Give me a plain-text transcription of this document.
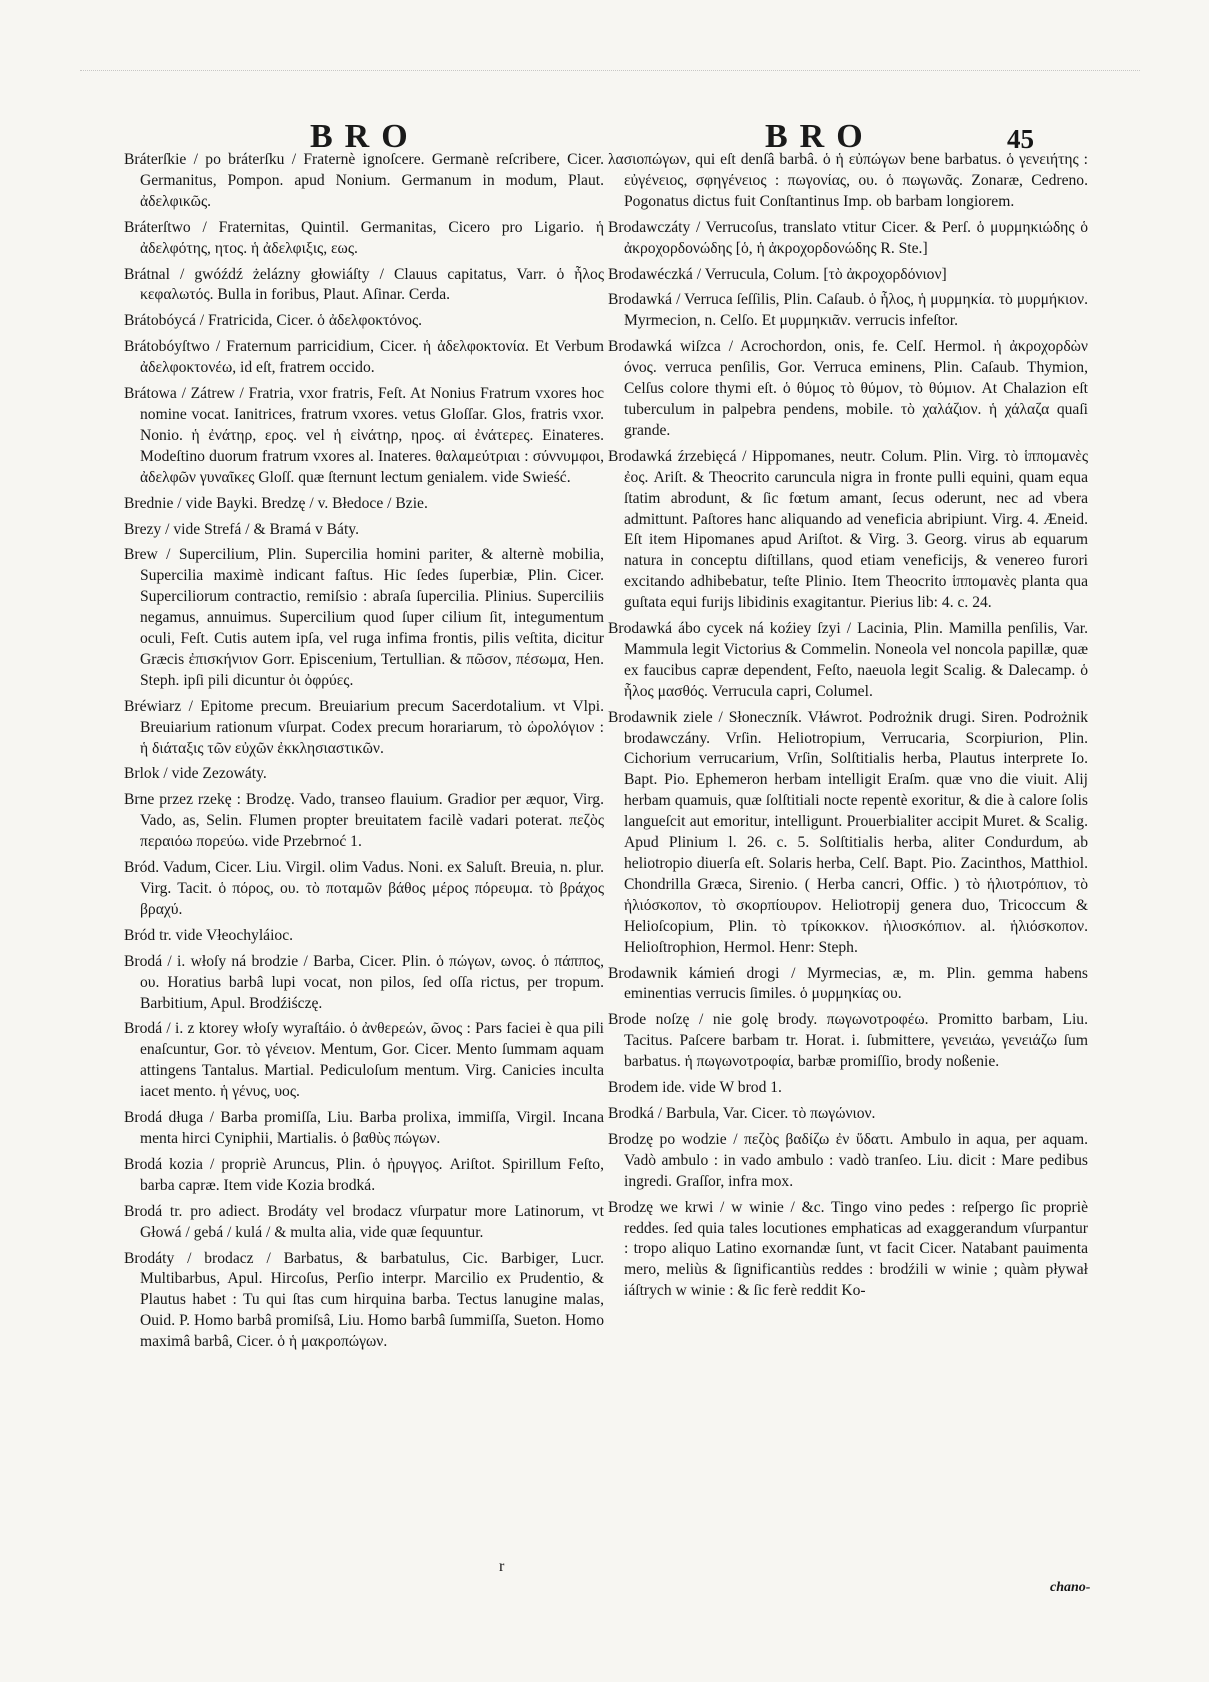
BRO	BRO	45

Bráterſkie / po bráterſku / Fraternè ignoſcere. Germanè reſcribere, Cicer. Germanitus, Pompon. apud Nonium. Germanum in modum, Plaut. ἀδελφικῶς.

Bráterſtwo / Fraternitas, Quintil. Germanitas, Cicero pro Ligario. ἡ ἀδελφότης, ητος. ἡ ἀδελφιξις, εως.

Brátnal / gwóźdź żelázny głowiáſty / Clauus capitatus, Varr. ὁ ἧλος κεφαλωτός. Bulla in foribus, Plaut. Aſinar. Cerda.

Brátobóycá / Fratricida, Cicer. ὁ ἀδελφοκτόνος.

Brátobóyſtwo / Fraternum parricidium, Cicer. ἡ ἀδελφοκτονία. Et Verbum ἀδελφοκτονέω, id eſt, fratrem occido.

Brátowa / Zátrew / Fratria, vxor fratris, Feſt. At Nonius Fratrum vxores hoc nomine vocat. Ianitrices, fratrum vxores. vetus Gloſſar. Glos, fratris vxor. Nonio. ἡ ἐνάτηρ, ερος. vel ἡ εἰνάτηρ, ηρος. αἱ ἐνάτερες. Einateres. Modeſtino duorum fratrum vxores al. Inateres. θαλαμεύτριαι : σύννυμφοι, ἀδελφῶν γυναῖκες Gloſſ. quæ ſternunt lectum genialem. vide Swieść.

Brednie / vide Bayki. Bredzę / v. Błedoce / Bzie.

Brezy / vide Strefá / & Bramá v Báty.

Brew / Supercilium, Plin. Supercilia homini pariter, & alternè mobilia, Supercilia maximè indicant faſtus. Hic ſedes ſuperbiæ, Plin. Cicer. Superciliorum contractio, remiſsio : abraſa ſupercilia. Plinius. Superciliis negamus, annuimus. Supercilium quod ſuper cilium ſit, integumentum oculi, Feſt. Cutis autem ipſa, vel ruga infima frontis, pilis veſtita, dicitur Græcis ἐπισκήνιον Gorr. Episcenium, Tertullian. & πῶσον, πέσωμα, Hen. Steph. ipſi pili dicuntur ὀι ὀφρύες.

Bréwiarz / Epitome precum. Breuiarium precum Sacerdotalium. vt Vlpi. Breuiarium rationum vſurpat. Codex precum horariarum, τὸ ὡρολόγιον : ἡ διάταξις τῶν εὐχῶν ἐκκλησιαστικῶν.

Brlok / vide Zezowáty.

Brne przez rzekę : Brodzę. Vado, transeo flauium. Gradior per æquor, Virg. Vado, as, Selin. Flumen propter breuitatem facilè vadari poterat. πεζὸς περαιόω πορεύω. vide Przebrnoć 1.

Bród. Vadum, Cicer. Liu. Virgil. olim Vadus. Noni. ex Saluſt. Breuia, n. plur. Virg. Tacit. ὁ πόρος, ου. τὸ ποταμῶν βάθος μέρος πόρευμα. τὸ βράχος βραχύ.

Bród tr. vide Vłeochyláioc.

Brodá / i. włoſy ná brodzie / Barba, Cicer. Plin. ὁ πώγων, ωνος. ὁ πάππος, ου. Horatius barbâ lupi vocat, non pilos, ſed oſſa rictus, per tropum. Barbitium, Apul. Brodźiśczę.

Brodá / i. z ktorey włoſy wyraſtáio. ὁ ἀνθερεών, ῶνος : Pars faciei è qua pili enaſcuntur, Gor. τὸ γένειον. Mentum, Gor. Cicer. Mento ſummam aquam attingens Tantalus. Martial. Pediculoſum mentum. Virg. Canicies inculta iacet mento. ἡ γένυς, υος.

Brodá długa / Barba promiſſa, Liu. Barba prolixa, immiſſa, Virgil. Incana menta hirci Cyniphii, Martialis. ὁ βαθὺς πώγων.

Brodá kozia / propriè Aruncus, Plin. ὁ ἠρυγγος. Ariſtot. Spirillum Feſto, barba capræ. Item vide Kozia brodká.

Brodá tr. pro adiect. Brodáty vel brodacz vſurpatur more Latinorum, vt Głowá / gebá / kulá / & multa alia, vide quæ ſequuntur.

Brodáty / brodacz / Barbatus, & barbatulus, Cic. Barbiger, Lucr. Multibarbus, Apul. Hircoſus, Perſio interpr. Marcilio ex Prudentio, & Plautus habet : Tu qui ſtas cum hirquina barba. Tectus lanugine malas, Ouid. P. Homo barbâ promiſsâ, Liu. Homo barbâ ſummiſſa, Sueton. Homo maximâ barbâ, Cicer. ὁ ἡ μακροπώγων.

λασιοπώγων, qui eſt denſâ barbâ. ὁ ἡ εὐπώγων bene barbatus. ὁ γενειήτης : εὐγένειος, σφηγένειος : πωγονίας, ου. ὁ πωγωνᾶς. Zonaræ, Cedreno. Pogonatus dictus fuit Conſtantinus Imp. ob barbam longiorem.

Brodawczáty / Verrucoſus, translato vtitur Cicer. & Perſ. ὁ μυρμηκιώδης ὁ ἀκροχορδονώδης [ὁ, ἡ ἀκροχορδονώδης R. Ste.]

Brodawéczká / Verrucula, Colum. [τὸ ἀκροχορδόνιον]

Brodawká / Verruca ſeſſilis, Plin. Caſaub. ὁ ἧλος, ἡ μυρμηκία. τὸ μυρμήκιον. Myrmecion, n. Celſo. Et μυρμηκιᾶν. verrucis infeſtor.

Brodawká wiſzca / Acrochordon, onis, fe. Celſ. Hermol. ἡ ἀκροχορδὼν όνος. verruca penſilis, Gor. Verruca eminens, Plin. Caſaub. Thymion, Celſus colore thymi eſt. ὁ θύμος τὸ θύμον, τὸ θύμιον. At Chalazion eſt tuberculum in palpebra pendens, mobile. τὸ χαλάζιον. ἡ χάλαζα quaſi grande.

Brodawká źrzebięcá / Hippomanes, neutr. Colum. Plin. Virg. τὸ ἱππομανὲς ἐος. Ariſt. & Theocrito caruncula nigra in fronte pulli equini, quam equa ſtatim abrodunt, & ſic fœtum amant, ſecus oderunt, nec ad vbera admittunt. Paſtores hanc aliquando ad veneficia abripiunt. Virg. 4. Æneid. Eſt item Hipomanes apud Ariſtot. & Virg. 3. Georg. virus ab equarum natura in conceptu diſtillans, quod etiam veneficijs, & venereo furori excitando adhibebatur, teſte Plinio. Item Theocrito ἱππομανὲς planta qua guſtata equi furijs libidinis exagitantur. Pierius lib: 4. c. 24.

Brodawká ábo cycek ná koźiey ſzyi / Lacinia, Plin. Mamilla penſilis, Var. Mammula legit Victorius & Commelin. Noneola vel noncola papillæ, quæ ex faucibus capræ dependent, Feſto, naeuola legit Scalig. & Dalecamp. ὁ ἧλος μασθός. Verrucula capri, Columel.

Brodawnik ziele / Słoneczník. Vłáwrot. Podrożnik drugi. Siren. Podrożnik brodawczány. Vrſin. Heliotropium, Verrucaria, Scorpiurion, Plin. Cichorium verrucarium, Vrſin, Solſtitialis herba, Plautus interprete Io. Bapt. Pio. Ephemeron herbam intelligit Eraſm. quæ vno die viuit. Alij herbam quamuis, quæ ſolſtitiali nocte repentè exoritur, & die à calore ſolis langueſcit aut emoritur, intelligunt. Prouerbialiter accipit Muret. & Scalig. Apud Plinium l. 26. c. 5. Solſtitialis herba, aliter Condurdum, ab heliotropio diuerſa eſt. Solaris herba, Celſ. Bapt. Pio. Zacinthos, Matthiol. Chondrilla Græca, Sirenio. ( Herba cancri, Offic. ) τὸ ἡλιοτρόπιον, τὸ ἡλιόσκοπον, τὸ σκορπίουρον. Heliotropij genera duo, Tricoccum & Helioſcopium, Plin. τὸ τρίκοκκον. ἡλιοσκόπιον. al. ἡλιόσκοπον. Helioſtrophion, Hermol. Henr: Steph.

Brodawnik kámień drogi / Myrmecias, æ, m. Plin. gemma habens eminentias verrucis ſimiles. ὁ μυρμηκίας ου.

Brode noſzę / nie golę brody. πωγωνοτροφέω. Promitto barbam, Liu. Tacitus. Paſcere barbam tr. Horat. i. ſubmittere, γενειάω, γενειάζω ſum barbatus. ἡ πωγωνοτροφία, barbæ promiſſio, brody noßenie.

Brodem ide. vide W brod 1.

Brodká / Barbula, Var. Cicer. τὸ πωγώνιον.

Brodzę po wodzie / πεζὸς βαδίζω ἐν ὕδατι. Ambulo in aqua, per aquam. Vadò ambulo : in vado ambulo : vadò tranſeo. Liu. dicit : Mare pedibus ingredi. Graſſor, infra mox.

Brodzę we krwi / w winie / &c. Tingo vino pedes : reſpergo ſic propriè reddes. ſed quia tales locutiones emphaticas ad exaggerandum vſurpantur : tropo aliquo Latino exornandæ ſunt, vt facit Cicer. Natabant pauimenta mero, meliùs & ſignificantiùs reddes : brodźili w winie ; quàm pływał iáſtrych w winie : & ſic ferè reddit Ko-

r
chano-
